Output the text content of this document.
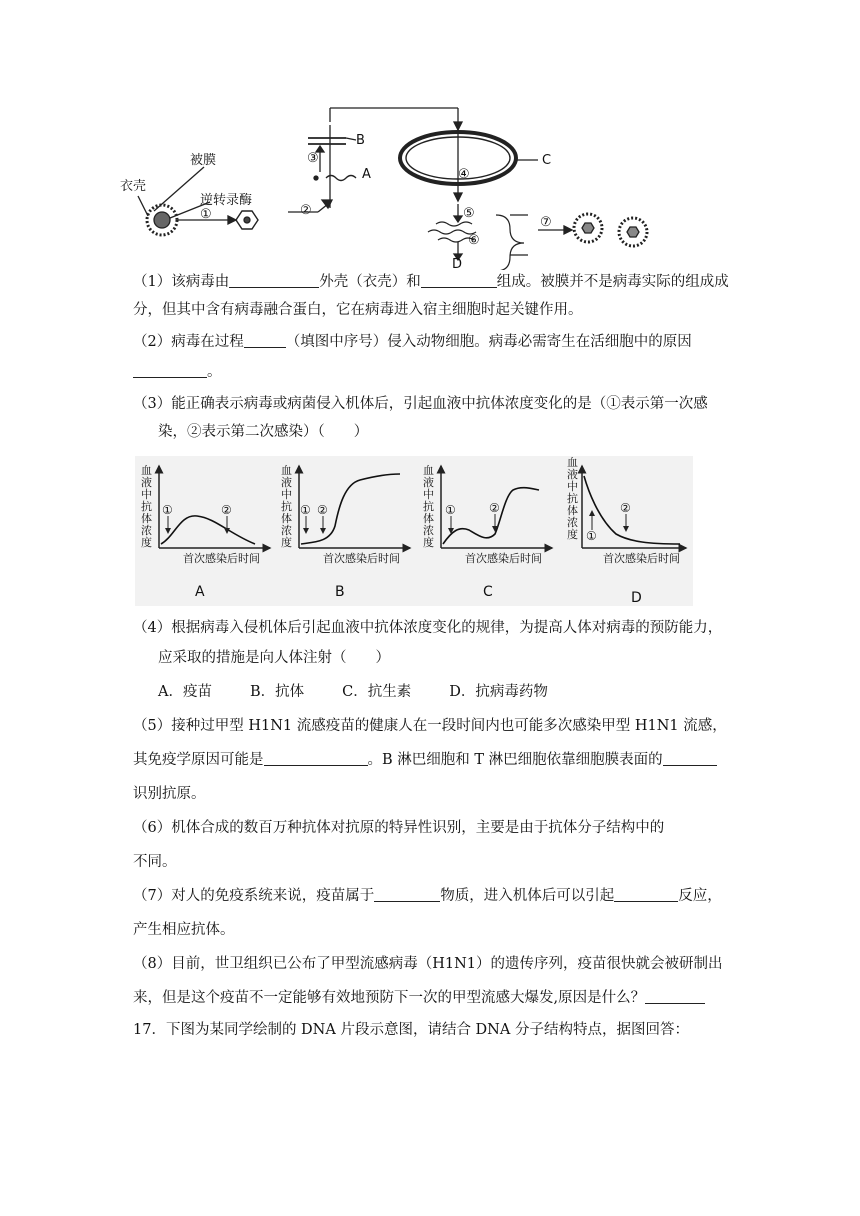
被膜
衣壳
逆转录酶
①	②
③
④
⑤
⑥
⑦
A
B
C
D
（1）该病毒由	外壳（衣壳）和	组成。被膜并不是病毒实际的组成成
分，但其中含有病毒融合蛋白，它在病毒进入宿主细胞时起关键作用。
（2）病毒在过程	（填图中序号）侵入动物细胞。病毒必需寄生在活细胞中的原因
。
（3）能正确表示病毒或病菌侵入机体后，引起血液中抗体浓度变化的是（①表示第一次感
染，②表示第二次感染）（　　）
血
液
中
抗
体
浓
度
血
液
中
抗
体
浓
度
血
液
中
抗
体
浓
度
血
液
中
抗
体
浓
度
①	②	① ②	①	②
①
②
首次感染后时间	首次感染后时间	首次感染后时间	首次感染后时间
A	B	C	D
（4）根据病毒入侵机体后引起血液中抗体浓度变化的规律，为提高人体对病毒的预防能力，
应采取的措施是向人体注射（　　）
A．疫苗	B．抗体	C．抗生素	D．抗病毒药物
（5）接种过甲型 H1N1 流感疫苗的健康人在一段时间内也可能多次感染甲型 H1N1 流感，
其免疫学原因可能是	。B 淋巴细胞和 T 淋巴细胞依靠细胞膜表面的
识别抗原。
（6）机体合成的数百万种抗体对抗原的特异性识别，主要是由于抗体分子结构中的
不同。
（7）对人的免疫系统来说，疫苗属于	物质，进入机体后可以引起	反应，
产生相应抗体。
（8）目前，世卫组织已公布了甲型流感病毒（H1N1）的遗传序列，疫苗很快就会被研制出
来，但是这个疫苗不一定能够有效地预防下一次的甲型流感大爆发,原因是什么？
17．下图为某同学绘制的 DNA 片段示意图，请结合 DNA 分子结构特点，据图回答：
